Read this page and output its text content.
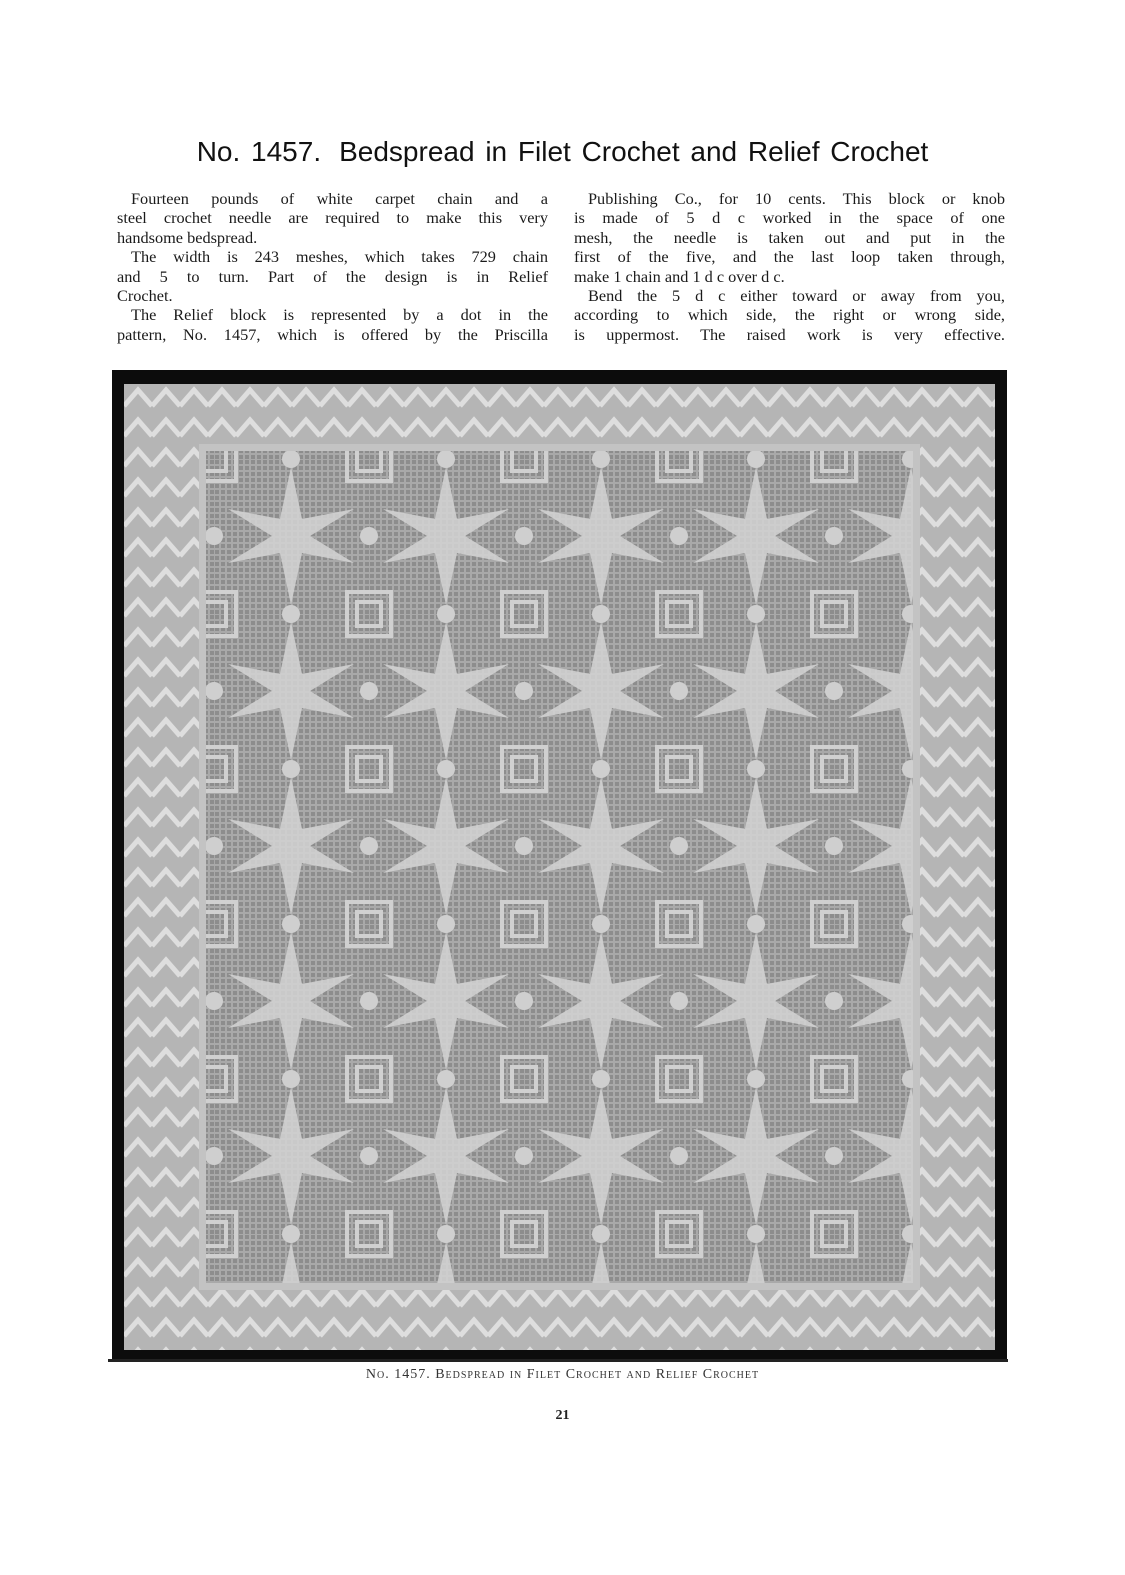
No. 1457. Bedspread in Filet Crochet and Relief Crochet
Fourteen pounds of white carpet chain and a
steel crochet needle are required to make this very
handsome bedspread.
The width is 243 meshes, which takes 729 chain
and 5 to turn. Part of the design is in Relief
Crochet.
The Relief block is represented by a dot in the
pattern, No. 1457, which is offered by the Priscilla
Publishing Co., for 10 cents. This block or knob
is made of 5 d c worked in the space of one
mesh, the needle is taken out and put in the
first of the five, and the last loop taken through,
make 1 chain and 1 d c over d c.
Bend the 5 d c either toward or away from you,
according to which side, the right or wrong side,
is uppermost. The raised work is very effective.
No. 1457. Bedspread in Filet Crochet and Relief Crochet
21
